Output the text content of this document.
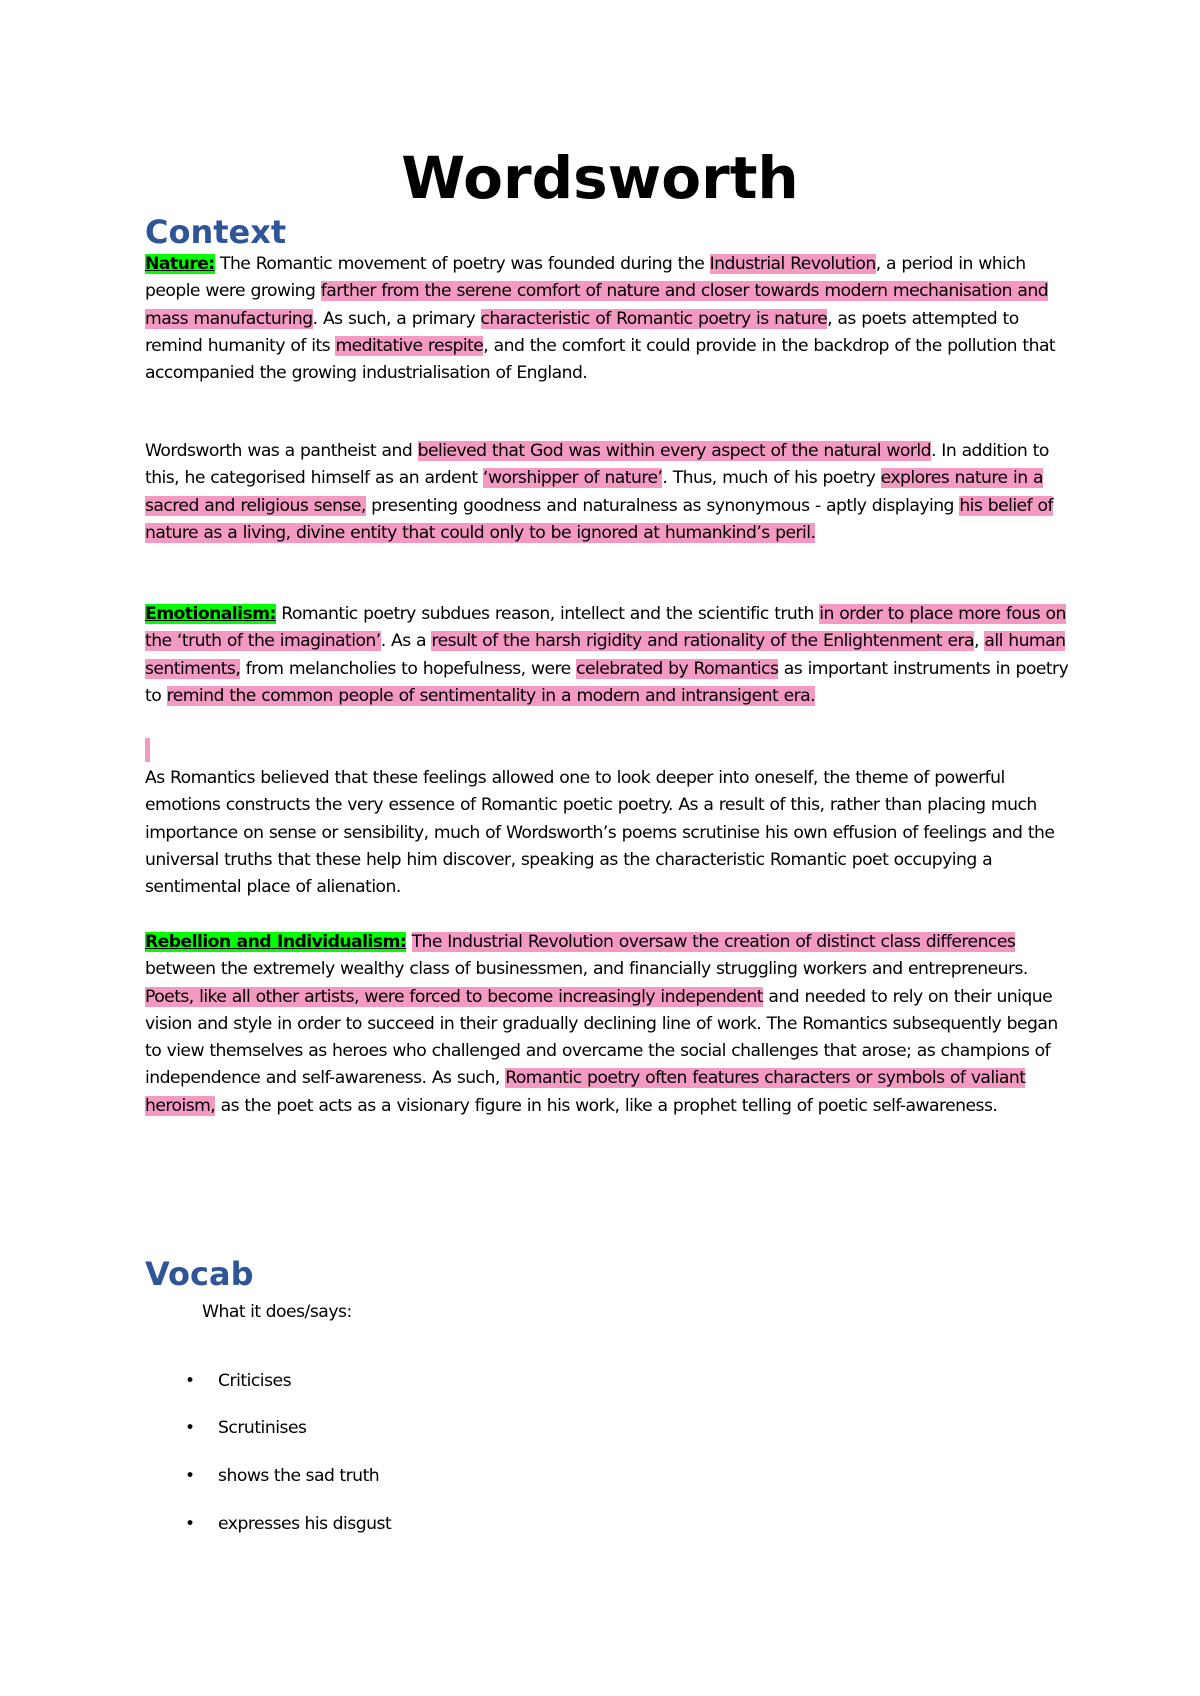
Wordsworth
Context

Nature: The Romantic movement of poetry was founded during the Industrial Revolution, a period in which people were growing farther from the serene comfort of nature and closer towards modern mechanisation and mass manufacturing. As such, a primary characteristic of Romantic poetry is nature, as poets attempted to remind humanity of its meditative respite, and the comfort it could provide in the backdrop of the pollution that accompanied the growing industrialisation of England.

Wordsworth was a pantheist and believed that God was within every aspect of the natural world. In addition to this, he categorised himself as an ardent ‘worshipper of nature’. Thus, much of his poetry explores nature in a sacred and religious sense, presenting goodness and naturalness as synonymous - aptly displaying his belief of nature as a living, divine entity that could only to be ignored at humankind’s peril.

Emotionalism: Romantic poetry subdues reason, intellect and the scientific truth in order to place more fous on the ‘truth of the imagination’. As a result of the harsh rigidity and rationality of the Enlightenment era, all human sentiments, from melancholies to hopefulness, were celebrated by Romantics as important instruments in poetry to remind the common people of sentimentality in a modern and intransigent era.

As Romantics believed that these feelings allowed one to look deeper into oneself, the theme of powerful emotions constructs the very essence of Romantic poetic poetry. As a result of this, rather than placing much importance on sense or sensibility, much of Wordsworth’s poems scrutinise his own effusion of feelings and the universal truths that these help him discover, speaking as the characteristic Romantic poet occupying a sentimental place of alienation.

Rebellion and Individualism: The Industrial Revolution oversaw the creation of distinct class differences between the extremely wealthy class of businessmen, and financially struggling workers and entrepreneurs. Poets, like all other artists, were forced to become increasingly independent and needed to rely on their unique vision and style in order to succeed in their gradually declining line of work. The Romantics subsequently began to view themselves as heroes who challenged and overcame the social challenges that arose; as champions of independence and self-awareness. As such, Romantic poetry often features characters or symbols of valiant heroism, as the poet acts as a visionary figure in his work, like a prophet telling of poetic self-awareness.

Vocab

What it does/says:

• Criticises
• Scrutinises
• shows the sad truth
• expresses his disgust
